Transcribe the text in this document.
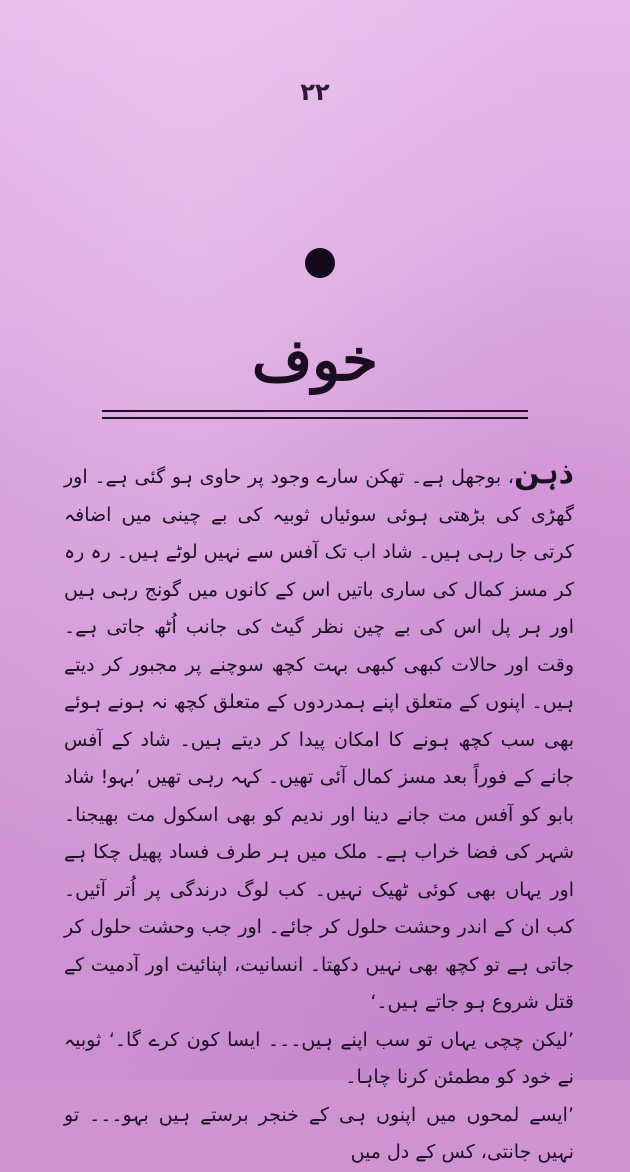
۲۲
خوف

ذہن، بوجھل ہے۔ تھکن سارے وجود پر حاوی ہو گئی ہے۔ اور گھڑی کی بڑھتی ہوئی سوئیاں ثوبیہ کی بے چینی میں اضافہ کرتی جا رہی ہیں۔ شاد اب تک آفس سے نہیں لوٹے ہیں۔ رہ رہ کر مسز کمال کی ساری باتیں اس کے کانوں میں گونج رہی ہیں اور ہر پل اس کی بے چین نظر گیٹ کی جانب اُٹھ جاتی ہے۔ وقت اور حالات کبھی کبھی بہت کچھ سوچنے پر مجبور کر دیتے ہیں۔ اپنوں کے متعلق اپنے ہمدردوں کے متعلق کچھ نہ ہونے ہوئے بھی سب کچھ ہونے کا امکان پیدا کر دیتے ہیں۔ شاد کے آفس جانے کے فوراً بعد مسز کمال آئی تھیں۔ کہہ رہی تھیں ’بہو! شاد بابو کو آفس مت جانے دینا اور ندیم کو بھی اسکول مت بھیجنا۔ شہر کی فضا خراب ہے۔ ملک میں ہر طرف فساد پھیل چکا ہے اور یہاں بھی کوئی ٹھیک نہیں۔ کب لوگ درندگی پر اُتر آئیں۔ کب ان کے اندر وحشت حلول کر جائے۔ اور جب وحشت حلول کر جاتی ہے تو کچھ بھی نہیں دکھتا۔ انسانیت، اپنائیت اور آدمیت کے قتل شروع ہو جاتے ہیں۔‘

’لیکن چچی یہاں تو سب اپنے ہیں۔۔۔ ایسا کون کرے گا۔‘ ثوبیہ نے خود کو مطمئن کرنا چاہا۔

’ایسے لمحوں میں اپنوں ہی کے خنجر برستے ہیں بہو۔۔۔ تو نہیں جانتی، کس کے دل میں
